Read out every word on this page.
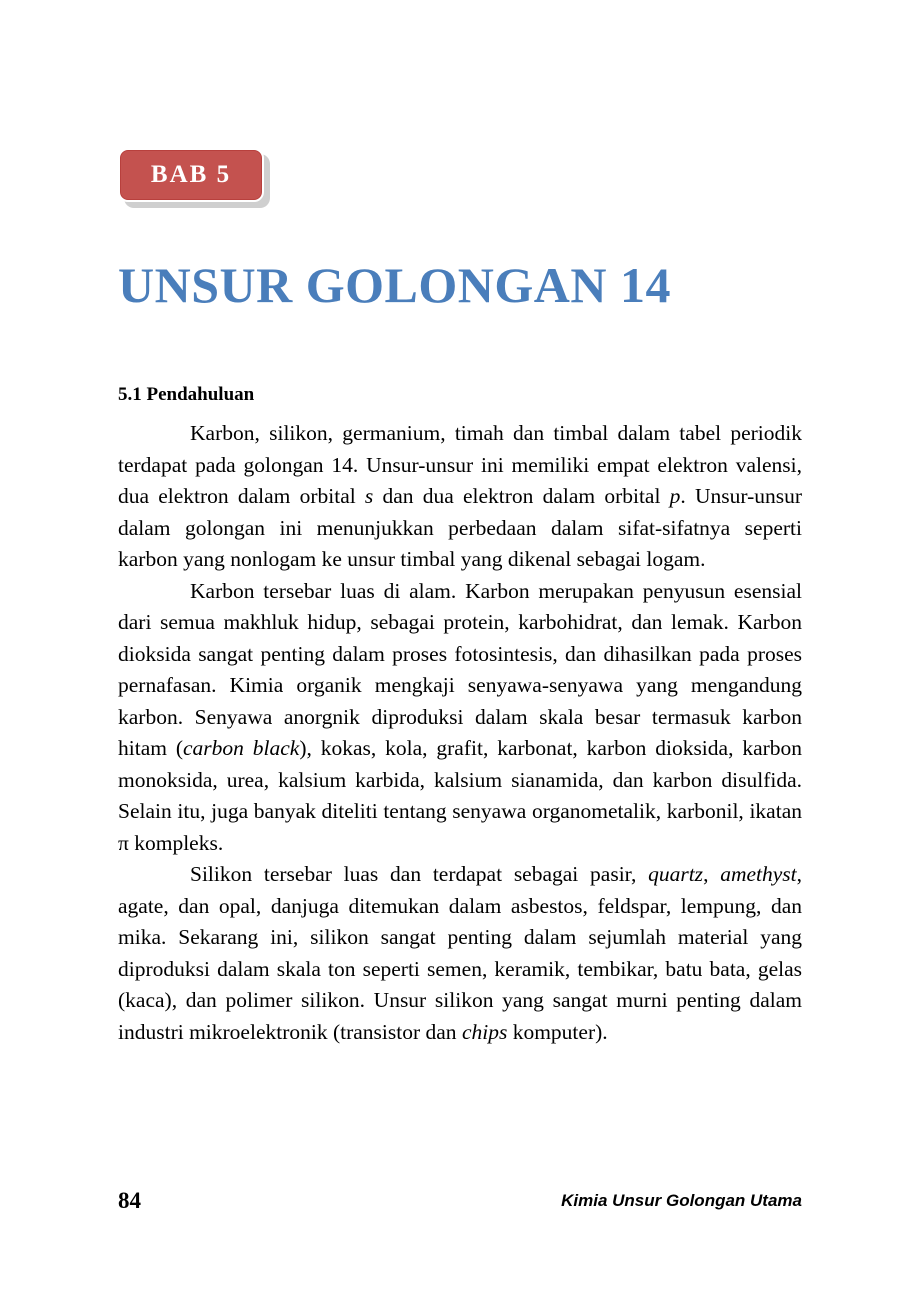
BAB 5
UNSUR GOLONGAN 14
5.1 Pendahuluan

Karbon, silikon, germanium, timah dan timbal dalam tabel periodik terdapat pada golongan 14. Unsur-unsur ini memiliki empat elektron valensi, dua elektron dalam orbital s dan dua elektron dalam orbital p. Unsur-unsur dalam golongan ini menunjukkan perbedaan dalam sifat-sifatnya seperti karbon yang nonlogam ke unsur timbal yang dikenal sebagai logam.

Karbon tersebar luas di alam. Karbon merupakan penyusun esensial dari semua makhluk hidup, sebagai protein, karbohidrat, dan lemak. Karbon dioksida sangat penting dalam proses fotosintesis, dan dihasilkan pada proses pernafasan. Kimia organik mengkaji senyawa-senyawa yang mengandung karbon. Senyawa anorgnik diproduksi dalam skala besar termasuk karbon hitam (carbon black), kokas, kola, grafit, karbonat, karbon dioksida, karbon monoksida, urea, kalsium karbida, kalsium sianamida, dan karbon disulfida. Selain itu, juga banyak diteliti tentang senyawa organometalik, karbonil, ikatan π kompleks.

Silikon tersebar luas dan terdapat sebagai pasir, quartz, amethyst, agate, dan opal, danjuga ditemukan dalam asbestos, feldspar, lempung, dan mika. Sekarang ini, silikon sangat penting dalam sejumlah material yang diproduksi dalam skala ton seperti semen, keramik, tembikar, batu bata, gelas (kaca), dan polimer silikon. Unsur silikon yang sangat murni penting dalam industri mikroelektronik (transistor dan chips komputer).

84	Kimia Unsur Golongan Utama
